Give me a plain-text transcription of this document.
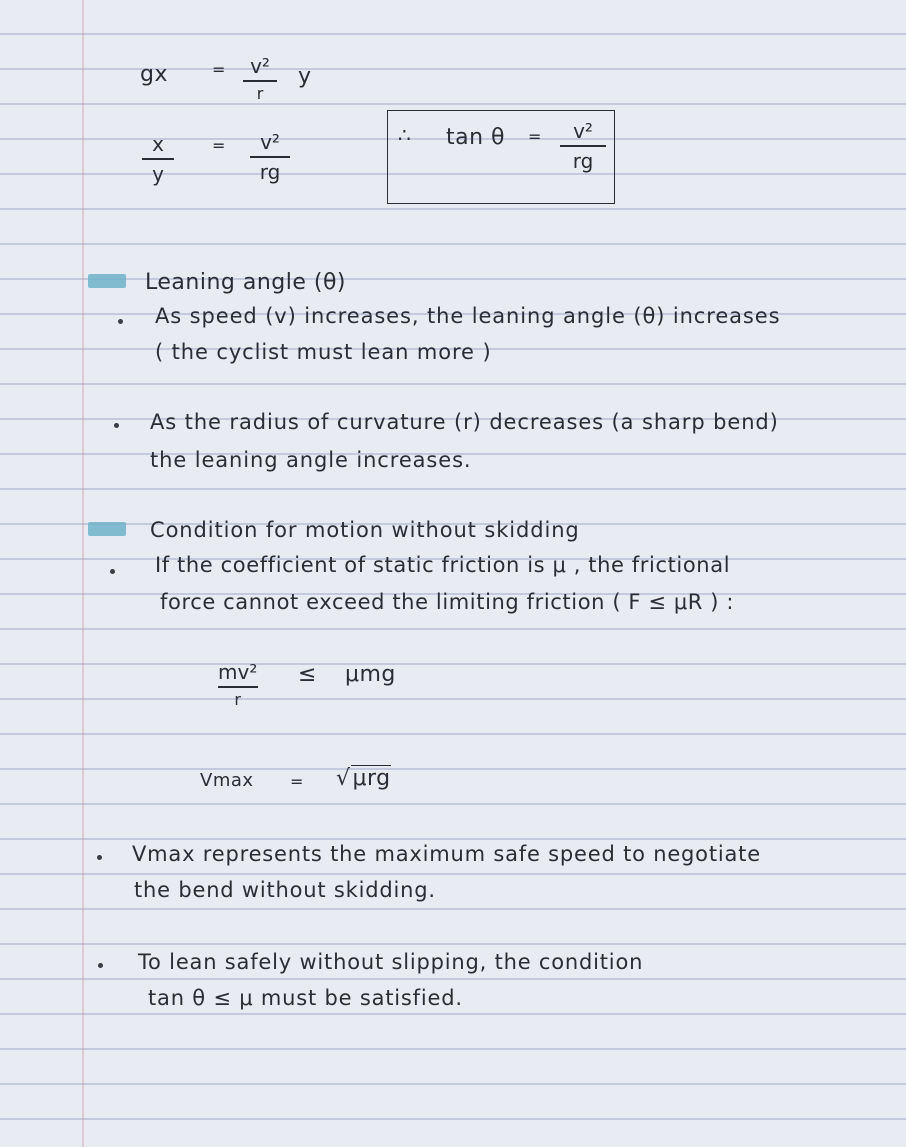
gx	= v²
r
y
x
y
= v²
rg
∴ tan θ = v²
rg
Leaning angle (θ)
As speed (v) increases, the leaning angle (θ) increases
( the cyclist must lean more )
As the radius of curvature (r) decreases (a sharp bend)
the leaning angle increases.
Condition for motion without skidding
If the coefficient of static friction is μ , the frictional
force cannot exceed the limiting friction ( F ≤ μR ) :
mv²
r
≤ μmg
Vmax = √μrg
Vmax represents the maximum safe speed to negotiate
the bend without skidding.
To lean safely without slipping, the condition
tan θ ≤ μ must be satisfied.
